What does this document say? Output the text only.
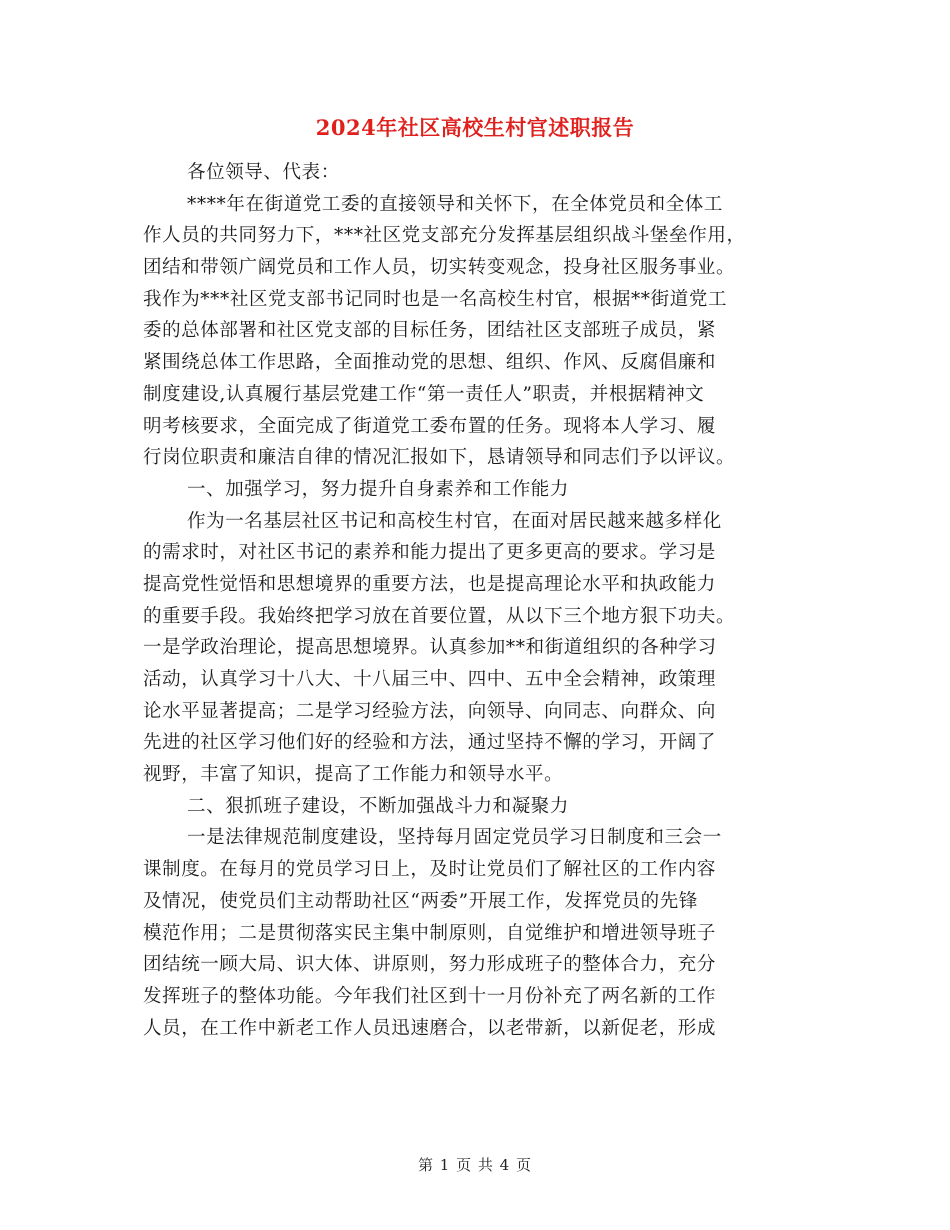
2024年社区高校生村官述职报告
各位领导、代表：
****年在街道党工委的直接领导和关怀下，在全体党员和全体工
作人员的共同努力下，***社区党支部充分发挥基层组织战斗堡垒作用，
团结和带领广阔党员和工作人员，切实转变观念，投身社区服务事业。
我作为***社区党支部书记同时也是一名高校生村官，根据**街道党工
委的总体部署和社区党支部的目标任务，团结社区支部班子成员，紧
紧围绕总体工作思路，全面推动党的思想、组织、作风、反腐倡廉和
制度建设,认真履行基层党建工作“第一责任人”职责，并根据精神文
明考核要求，全面完成了街道党工委布置的任务。现将本人学习、履
行岗位职责和廉洁自律的情况汇报如下，恳请领导和同志们予以评议。
一、加强学习，努力提升自身素养和工作能力
作为一名基层社区书记和高校生村官，在面对居民越来越多样化
的需求时，对社区书记的素养和能力提出了更多更高的要求。学习是
提高党性觉悟和思想境界的重要方法，也是提高理论水平和执政能力
的重要手段。我始终把学习放在首要位置，从以下三个地方狠下功夫。
一是学政治理论，提高思想境界。认真参加**和街道组织的各种学习
活动，认真学习十八大、十八届三中、四中、五中全会精神，政策理
论水平显著提高；二是学习经验方法，向领导、向同志、向群众、向
先进的社区学习他们好的经验和方法，通过坚持不懈的学习，开阔了
视野，丰富了知识，提高了工作能力和领导水平。
二、狠抓班子建设，不断加强战斗力和凝聚力
一是法律规范制度建设，坚持每月固定党员学习日制度和三会一
课制度。在每月的党员学习日上，及时让党员们了解社区的工作内容
及情况，使党员们主动帮助社区“两委”开展工作，发挥党员的先锋
模范作用；二是贯彻落实民主集中制原则，自觉维护和增进领导班子
团结统一顾大局、识大体、讲原则，努力形成班子的整体合力，充分
发挥班子的整体功能。今年我们社区到十一月份补充了两名新的工作
人员，在工作中新老工作人员迅速磨合，以老带新，以新促老，形成
第 1 页 共 4 页
